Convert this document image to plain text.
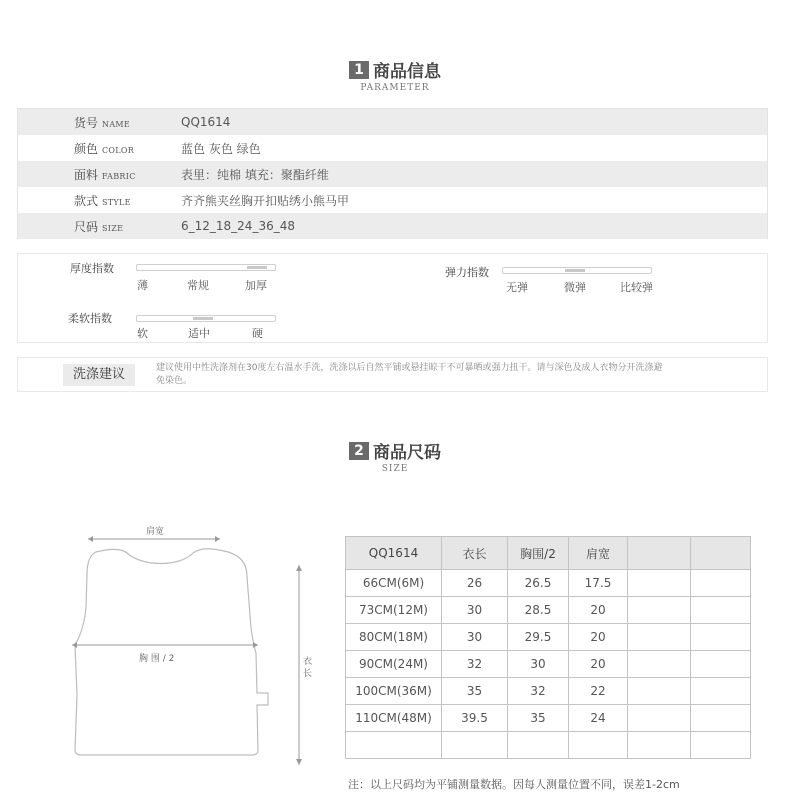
1 商品信息
PARAMETER
货号 NAME	QQ1614
颜色 COLOR	蓝色 灰色 绿色
面料 FABRIC	表里：纯棉 填充：聚酯纤维
款式 STYLE	齐齐熊夹丝胸开扣贴绣小熊马甲
尺码 SIZE	6_12_18_24_36_48
厚度指数
薄	常规	加厚
弹力指数
无弹	微弹	比较弹
柔软指数
软	适中	硬
洗涤建议	建议使用中性洗涤剂在30度左右温水手洗，洗涤以后自然平铺或悬挂晾干不可暴晒或强力扭干。请与深色及成人衣物分开洗涤避免染色。
2 商品尺码
SIZE
肩宽
胸 围 / 2	衣
长
QQ1614	衣长	胸围/2	肩宽		
66CM(6M)	26	26.5	17.5		
73CM(12M)	30	28.5	20		
80CM(18M)	30	29.5	20		
90CM(24M)	32	30	20		
100CM(36M)	35	32	22		
110CM(48M)	39.5	35	24		

注：以上尺码均为平铺测量数据。因每人测量位置不同，误差1-2cm
